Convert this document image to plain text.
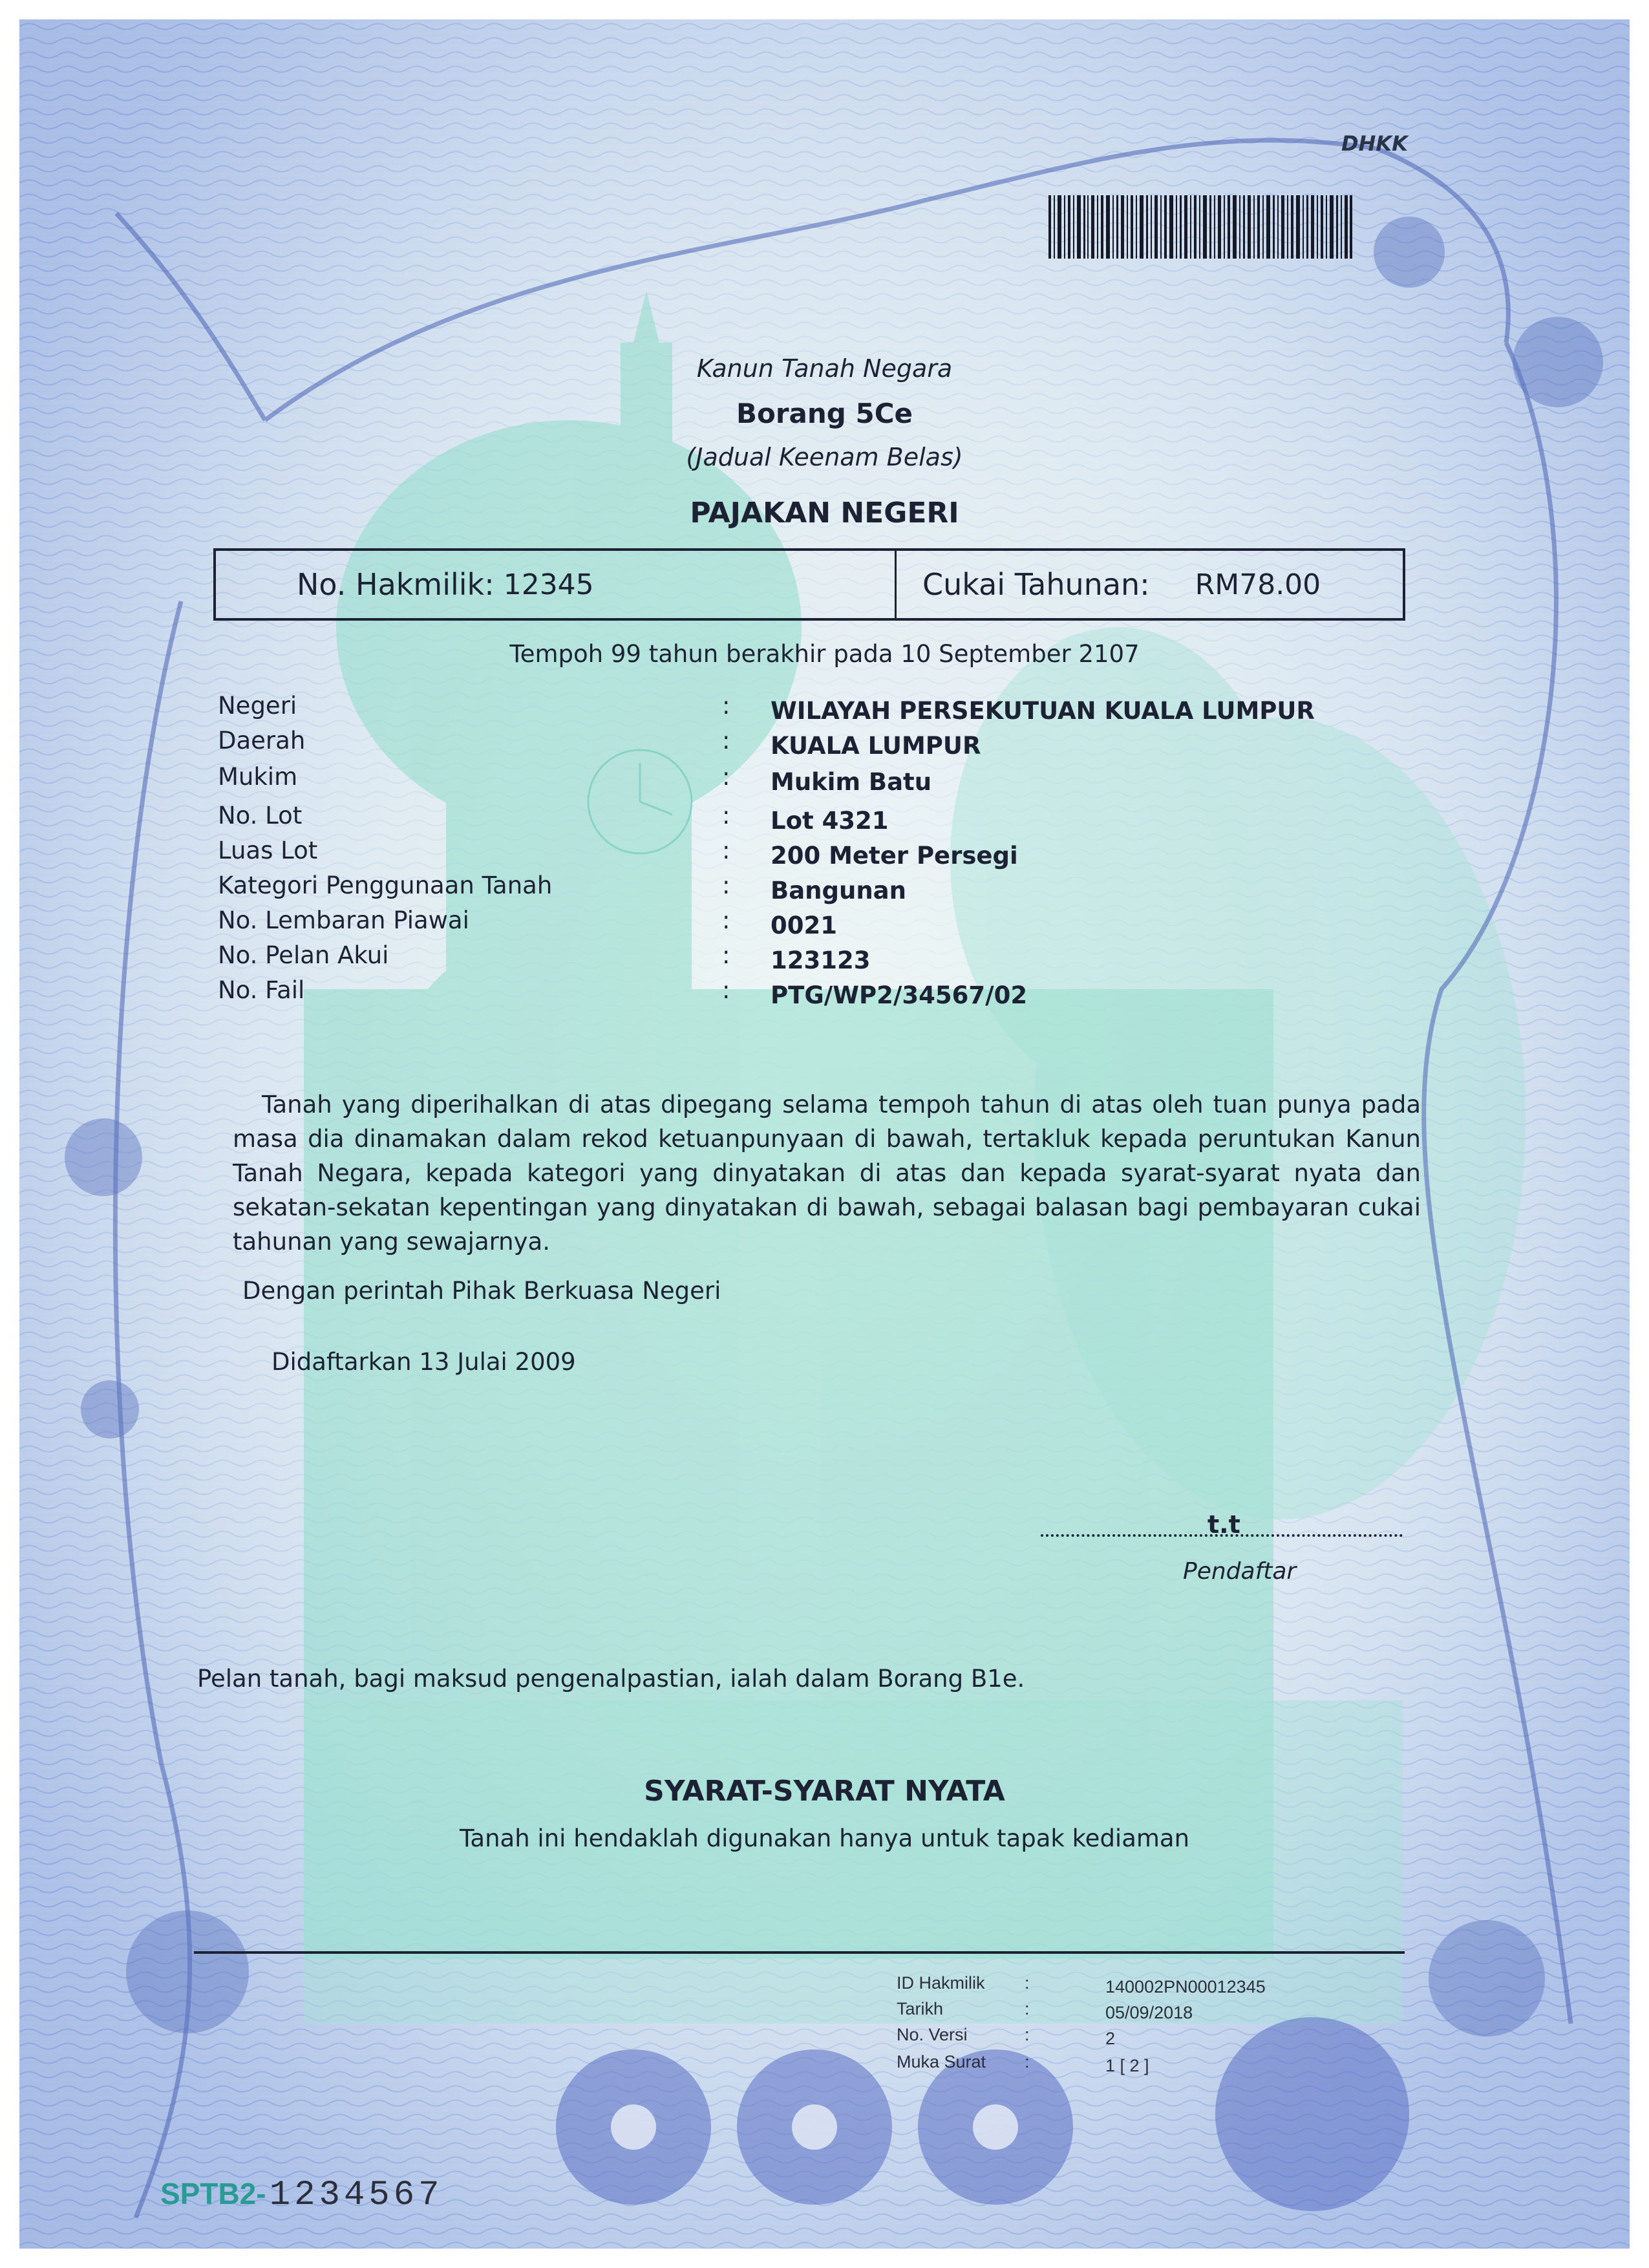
DHKK
Kanun Tanah Negara
Borang 5Ce
(Jadual Keenam Belas)
PAJAKAN NEGERI
No. Hakmilik: 12345	Cukai Tahunan: RM78.00
Tempoh 99 tahun berakhir pada 10 September 2107
Negeri	: WILAYAH PERSEKUTUAN KUALA LUMPUR
Daerah	: KUALA LUMPUR
Mukim	: Mukim Batu
No. Lot	: Lot 4321
Luas Lot	: 200 Meter Persegi
Kategori Penggunaan Tanah	: Bangunan
No. Lembaran Piawai	: 0021
No. Pelan Akui	: 123123
No. Fail	: PTG/WP2/34567/02
Tanah yang diperihalkan di atas dipegang selama tempoh tahun di atas oleh tuan punya pada masa dia dinamakan dalam rekod ketuanpunyaan di bawah, tertakluk kepada peruntukan Kanun Tanah Negara, kepada kategori yang dinyatakan di atas dan kepada syarat-syarat nyata dan sekatan-sekatan kepentingan yang dinyatakan di bawah, sebagai balasan bagi pembayaran cukai tahunan yang sewajarnya.
Dengan perintah Pihak Berkuasa Negeri
Didaftarkan 13 Julai 2009
t.t
Pendaftar
Pelan tanah, bagi maksud pengenalpastian, ialah dalam Borang B1e.
SYARAT-SYARAT NYATA
Tanah ini hendaklah digunakan hanya untuk tapak kediaman
ID Hakmilik :	140002PN00012345
Tarikh	:	05/09/2018
No. Versi	:	2
Muka Surat :	1 [ 2 ]
SPTB2- 1234567
